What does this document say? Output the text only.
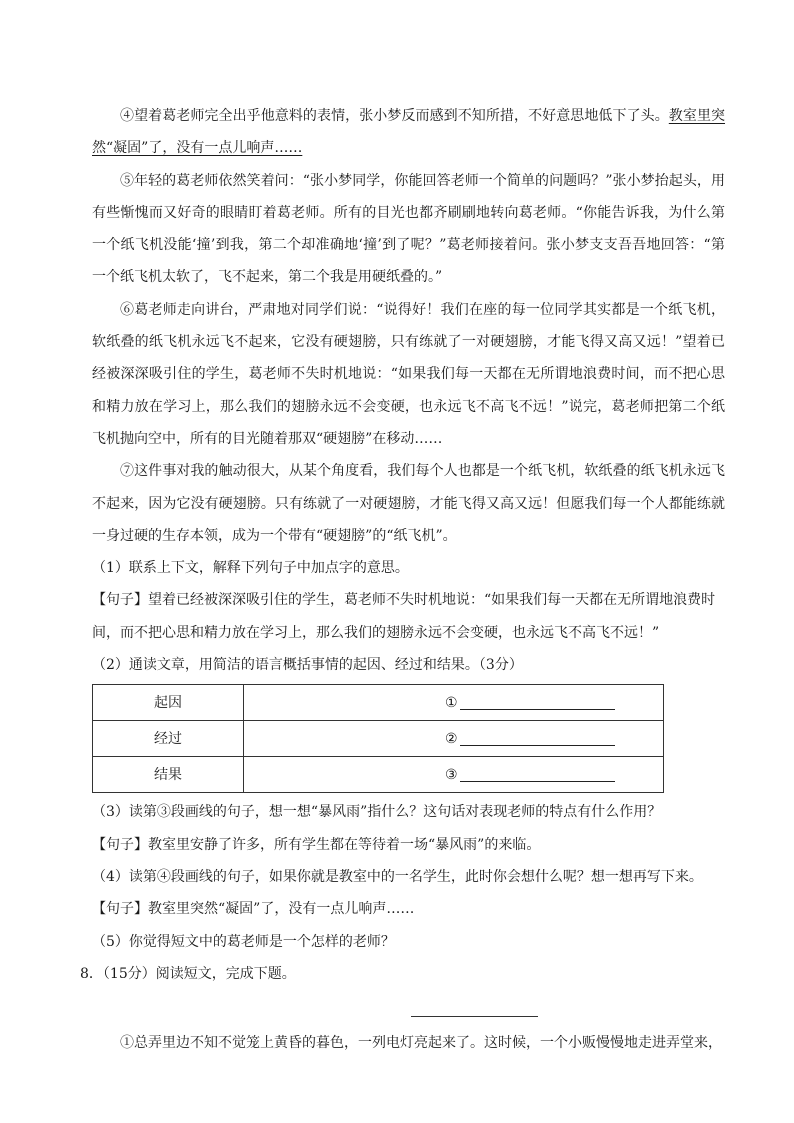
④望着葛老师完全出乎他意料的表情，张小梦反而感到不知所措，不好意思地低下了头。教室里突然“凝固”了，没有一点儿响声……

⑤年轻的葛老师依然笑着问：“张小梦同学，你能回答老师一个简单的问题吗？”张小梦抬起头，用有些惭愧而又好奇的眼睛盯着葛老师。所有的目光也都齐刷刷地转向葛老师。“你能告诉我，为什么第一个纸飞机没能‘撞’到我，第二个却准确地‘撞’到了呢？”葛老师接着问。张小梦支支吾吾地回答：“第一个纸飞机太软了，飞不起来，第二个我是用硬纸叠的。”

⑥葛老师走向讲台，严肃地对同学们说：“说得好！我们在座的每一位同学其实都是一个纸飞机，软纸叠的纸飞机永远飞不起来，它没有硬翅膀，只有练就了一对硬翅膀，才能飞得又高又远！”望着已经被深深吸引住的学生，葛老师不失时机地说：“如果我们每一天都在无所谓地浪费时间，而不把心思和精力放在学习上，那么我们的翅膀永远不会变硬，也永远飞不高飞不远！”说完，葛老师把第二个纸飞机抛向空中，所有的目光随着那双“硬翅膀”在移动……

⑦这件事对我的触动很大，从某个角度看，我们每个人也都是一个纸飞机，软纸叠的纸飞机永远飞不起来，因为它没有硬翅膀。只有练就了一对硬翅膀，才能飞得又高又远！但愿我们每一个人都能练就一身过硬的生存本领，成为一个带有“硬翅膀”的“纸飞机”。

（1）联系上下文，解释下列句子中加点字的意思。

【句子】望着已经被深深吸引住的学生，葛老师不失时机地说：“如果我们每一天都在无所谓地浪费时间，而不把心思和精力放在学习上，那么我们的翅膀永远不会变硬，也永远飞不高飞不远！”

（2）通读文章，用简洁的语言概括事情的起因、经过和结果。（3分）

起因	①
经过	②
结果	③

（3）读第③段画线的句子，想一想“暴风雨”指什么？这句话对表现老师的特点有什么作用？

【句子】教室里安静了许多，所有学生都在等待着一场“暴风雨”的来临。

（4）读第④段画线的句子，如果你就是教室中的一名学生，此时你会想什么呢？想一想再写下来。

【句子】教室里突然“凝固”了，没有一点儿响声……

（5）你觉得短文中的葛老师是一个怎样的老师？

8．（15分）阅读短文，完成下题。

①总弄里边不知不觉笼上黄昏的暮色，一列电灯亮起来了。这时候，一个小贩慢慢地走进弄堂来，
